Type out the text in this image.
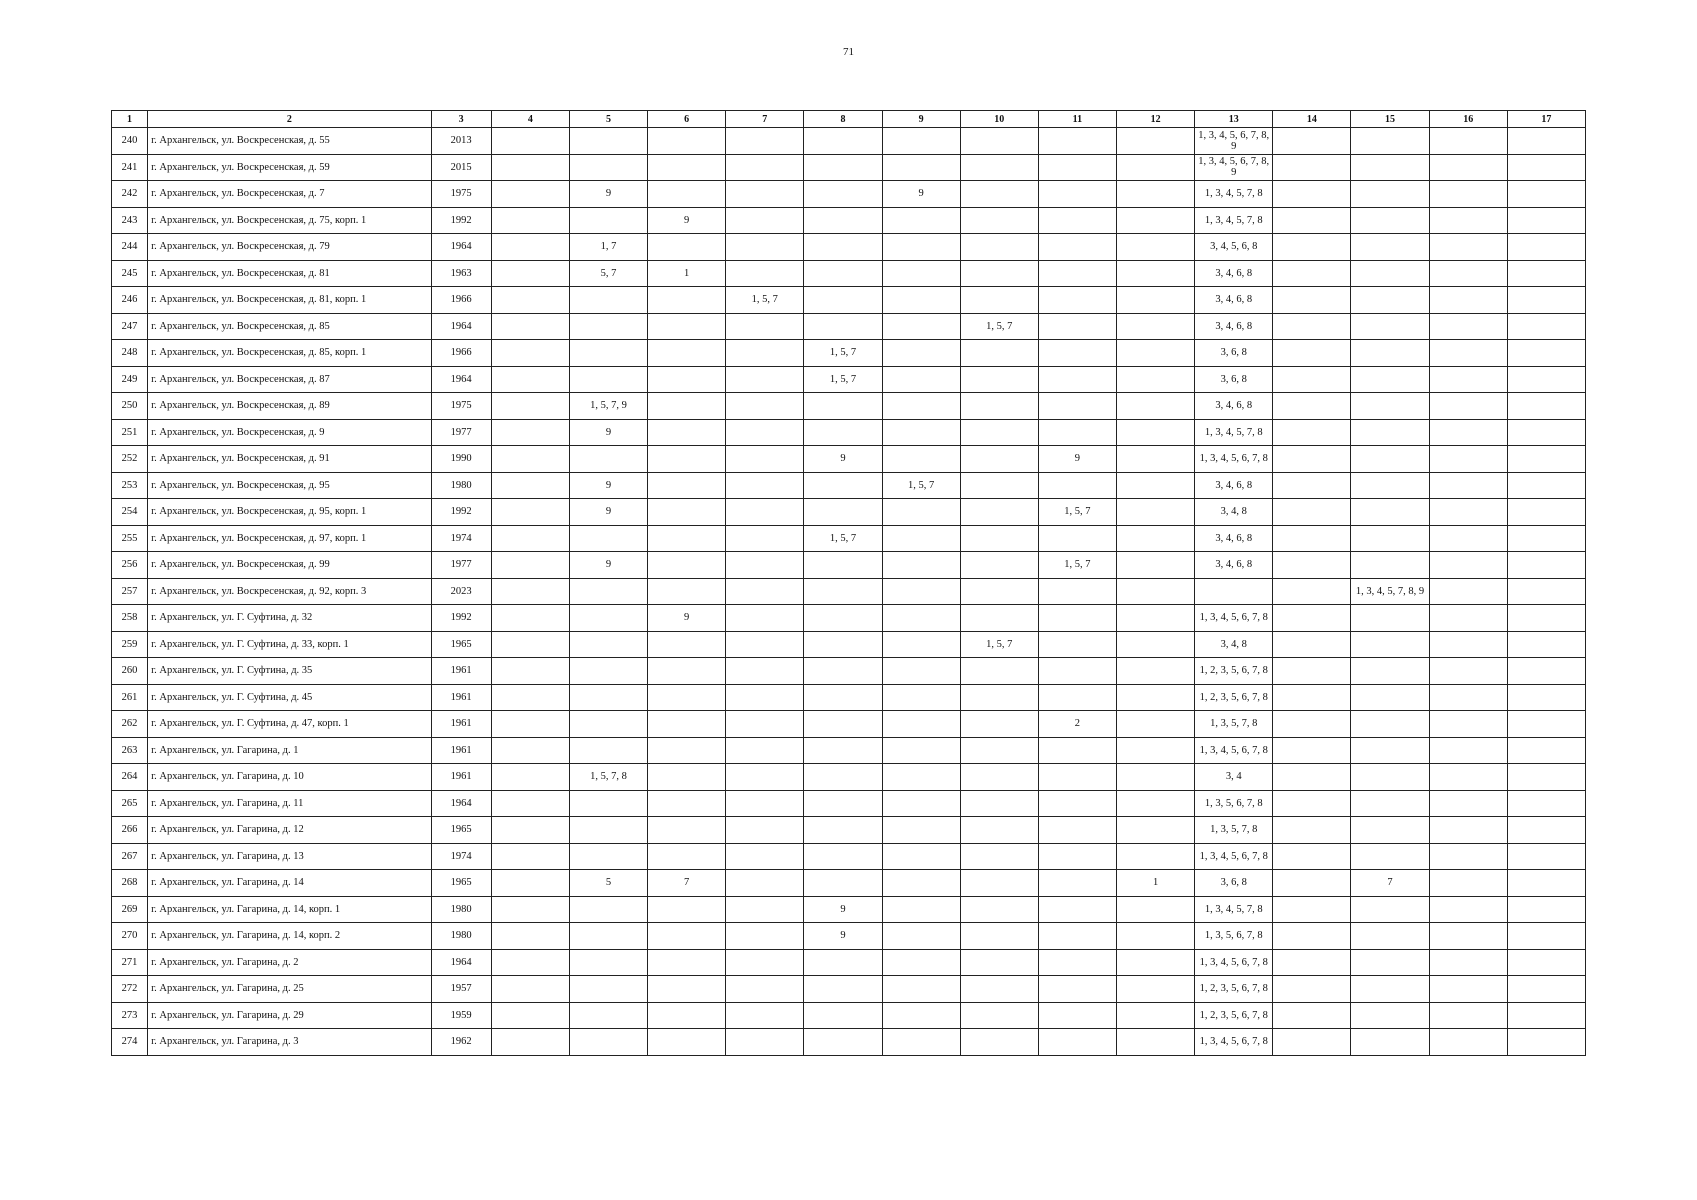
71
1	2	3	4	5	6	7	8	9	10	11	12	13	14	15	16	17
240	г. Архангельск, ул. Воскресенская, д. 55	2013										1, 3, 4, 5, 6, 7, 8, 9				
241	г. Архангельск, ул. Воскресенская, д. 59	2015										1, 3, 4, 5, 6, 7, 8, 9				
242	г. Архангельск, ул. Воскресенская, д. 7	1975		9				9				1, 3, 4, 5, 7, 8				
243	г. Архангельск, ул. Воскресенская, д. 75, корп. 1	1992			9							1, 3, 4, 5, 7, 8				
244	г. Архангельск, ул. Воскресенская, д. 79	1964		1, 7								3, 4, 5, 6, 8				
245	г. Архангельск, ул. Воскресенская, д. 81	1963		5, 7	1							3, 4, 6, 8				
246	г. Архангельск, ул. Воскресенская, д. 81, корп. 1	1966				1, 5, 7						3, 4, 6, 8				
247	г. Архангельск, ул. Воскресенская, д. 85	1964							1, 5, 7			3, 4, 6, 8				
248	г. Архангельск, ул. Воскресенская, д. 85, корп. 1	1966					1, 5, 7					3, 6, 8				
249	г. Архангельск, ул. Воскресенская, д. 87	1964					1, 5, 7					3, 6, 8				
250	г. Архангельск, ул. Воскресенская, д. 89	1975		1, 5, 7, 9								3, 4, 6, 8				
251	г. Архангельск, ул. Воскресенская, д. 9	1977		9								1, 3, 4, 5, 7, 8				
252	г. Архангельск, ул. Воскресенская, д. 91	1990					9			9		1, 3, 4, 5, 6, 7, 8				
253	г. Архангельск, ул. Воскресенская, д. 95	1980		9				1, 5, 7				3, 4, 6, 8				
254	г. Архангельск, ул. Воскресенская, д. 95, корп. 1	1992		9						1, 5, 7		3, 4, 8				
255	г. Архангельск, ул. Воскресенская, д. 97, корп. 1	1974					1, 5, 7					3, 4, 6, 8				
256	г. Архангельск, ул. Воскресенская, д. 99	1977		9						1, 5, 7		3, 4, 6, 8				
257	г. Архангельск, ул. Воскресенская, д. 92, корп. 3	2023												1, 3, 4, 5, 7, 8, 9		
258	г. Архангельск, ул. Г. Суфтина, д. 32	1992			9							1, 3, 4, 5, 6, 7, 8				
259	г. Архангельск, ул. Г. Суфтина, д. 33, корп. 1	1965							1, 5, 7			3, 4, 8				
260	г. Архангельск, ул. Г. Суфтина, д. 35	1961										1, 2, 3, 5, 6, 7, 8				
261	г. Архангельск, ул. Г. Суфтина, д. 45	1961										1, 2, 3, 5, 6, 7, 8				
262	г. Архангельск, ул. Г. Суфтина, д. 47, корп. 1	1961								2		1, 3, 5, 7, 8				
263	г. Архангельск, ул. Гагарина, д. 1	1961										1, 3, 4, 5, 6, 7, 8				
264	г. Архангельск, ул. Гагарина, д. 10	1961		1, 5, 7, 8								3, 4				
265	г. Архангельск, ул. Гагарина, д. 11	1964										1, 3, 5, 6, 7, 8				
266	г. Архангельск, ул. Гагарина, д. 12	1965										1, 3, 5, 7, 8				
267	г. Архангельск, ул. Гагарина, д. 13	1974										1, 3, 4, 5, 6, 7, 8				
268	г. Архангельск, ул. Гагарина, д. 14	1965		5	7						1	3, 6, 8		7		
269	г. Архангельск, ул. Гагарина, д. 14, корп. 1	1980					9					1, 3, 4, 5, 7, 8				
270	г. Архангельск, ул. Гагарина, д. 14, корп. 2	1980					9					1, 3, 5, 6, 7, 8				
271	г. Архангельск, ул. Гагарина, д. 2	1964										1, 3, 4, 5, 6, 7, 8				
272	г. Архангельск, ул. Гагарина, д. 25	1957										1, 2, 3, 5, 6, 7, 8				
273	г. Архангельск, ул. Гагарина, д. 29	1959										1, 2, 3, 5, 6, 7, 8				
274	г. Архангельск, ул. Гагарина, д. 3	1962										1, 3, 4, 5, 6, 7, 8				
